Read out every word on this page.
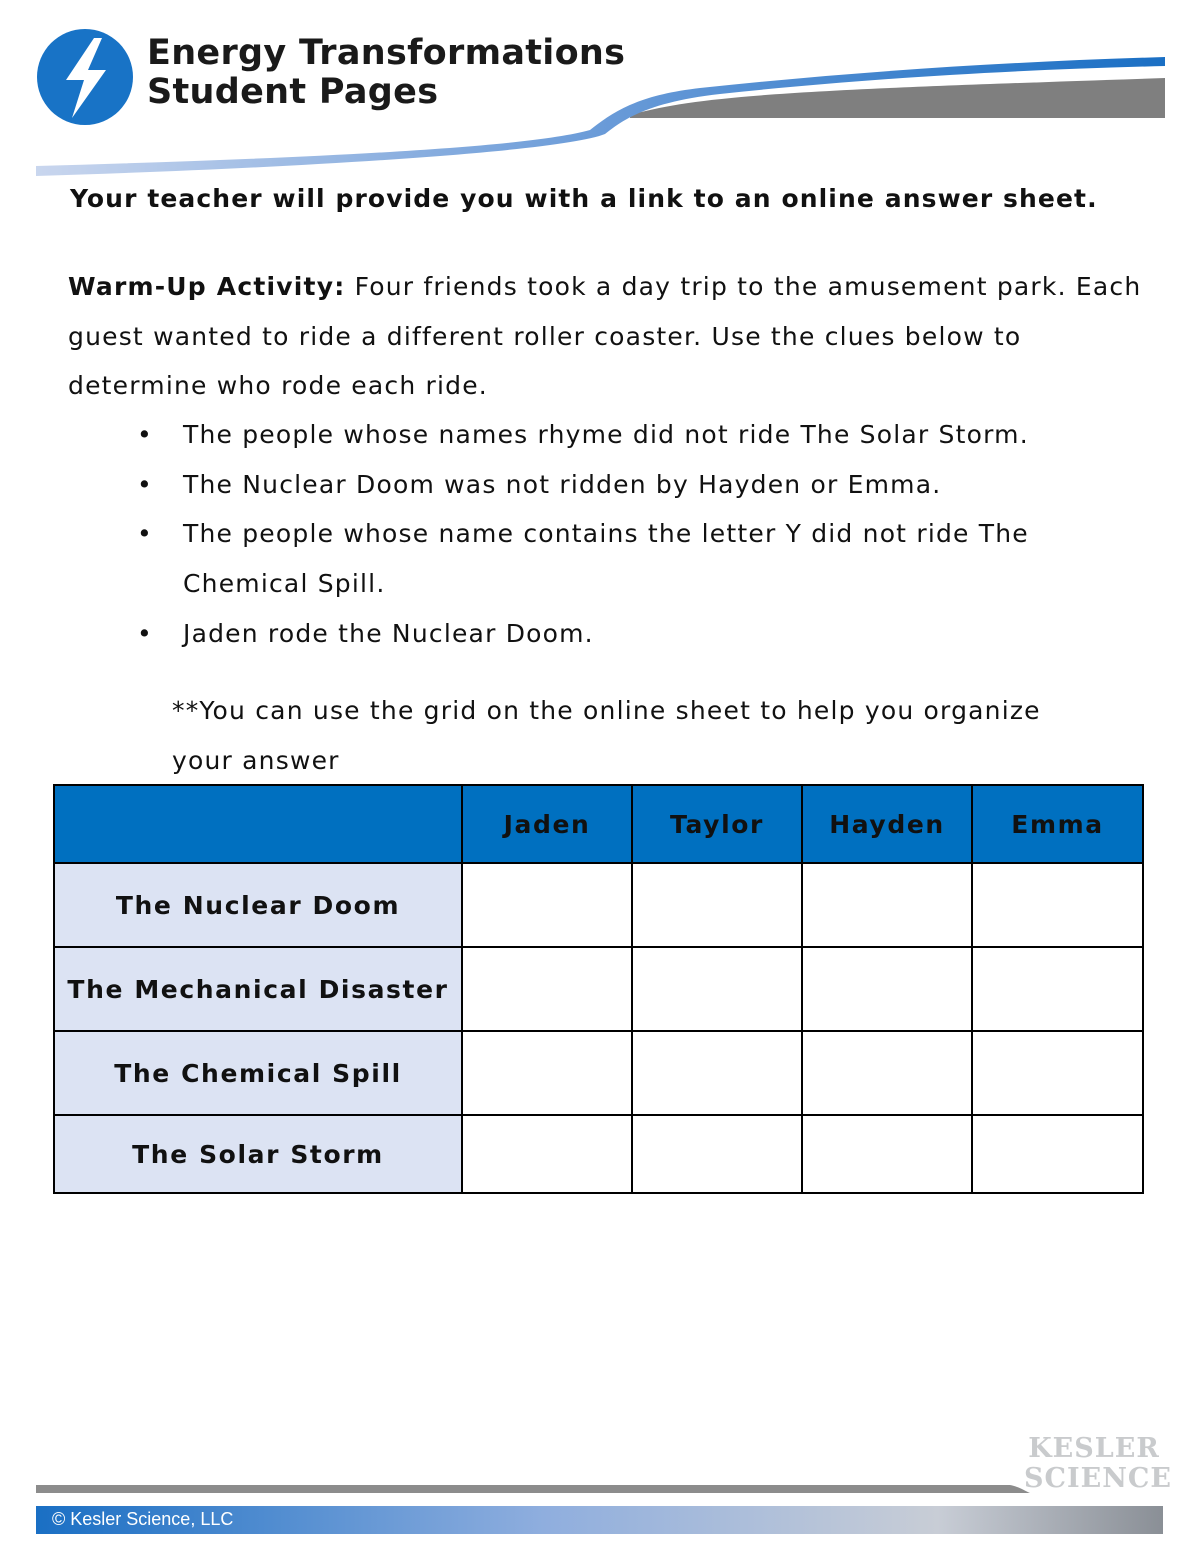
Energy Transformations
Student Pages
Your teacher will provide you with a link to an online answer sheet.
Warm-Up Activity: Four friends took a day trip to the amusement park. Each guest wanted to ride a different roller coaster. Use the clues below to determine who rode each ride.
• The people whose names rhyme did not ride The Solar Storm.
• The Nuclear Doom was not ridden by Hayden or Emma.
• The people whose name contains the letter Y did not ride The Chemical Spill.
• Jaden rode the Nuclear Doom.
**You can use the grid on the online sheet to help you organize your answer
	Jaden	Taylor	Hayden	Emma
The Nuclear Doom				
The Mechanical Disaster				
The Chemical Spill				
The Solar Storm				
© Kesler Science, LLC
KESLER
SCIENCE
